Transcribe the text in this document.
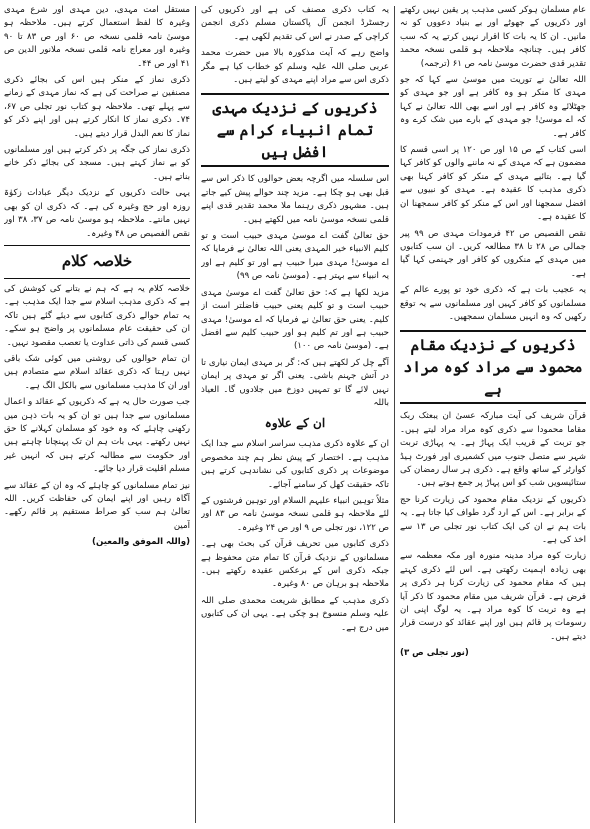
عام مسلمان ہوکر کسی مذہب پر یقین نہیں رکھتے اور ذکریوں کے جھوٹے اور بے بنیاد دعووں کو نہ مانیں۔ ان کا یہ بات کا اقرار نہیں کرتے یہ کہ سب کافر ہیں۔ چنانچہ ملاحظہ ہو قلمی نسخہ محمد تقدیر قدی حضرت موسیٰ نامہ ص ۶۱ (ترجمہ)

اللہ تعالیٰ نے توریت میں موسیٰ سے کہا کہ جو مہدی کا منکر ہو وہ کافر ہے اور جو مہدی کو جھٹلائے وہ کافر ہے اور اسے بھی اللہ تعالیٰ نے کہا کہ اے موسیٰ! جو مہدی کے بارے میں شک کرے وہ کافر ہے۔

اسی کتاب کے ص ۱۵ اور ص ۱۲۰ پر اسی قسم کا مضمون ہے کہ مہدی کے نہ ماننے والوں کو کافر کہا گیا ہے۔ بتائیے مہدی کے منکر کو کافر کہنا بھی ذکری مذہب کا عقیدہ ہے۔ مہدی کو نبیوں سے افضل سمجھنا اور اس کے منکر کو کافر سمجھنا ان کا عقیدہ ہے۔

نقص الفصیص ص ۴۲ فرمودات مہدی ص ۹۹ پیر جمالی ص ۲۸ تا ۳۸ مطالعہ کریں۔ ان سب کتابوں میں مہدی کے منکروں کو کافر اور جہنمی کہا گیا ہے۔

یہ عجیب بات ہے کہ ذکری خود تو پورے عالم کے مسلمانوں کو کافر کہیں اور مسلمانوں سے یہ توقع رکھیں کہ وہ انہیں مسلمان سمجھیں۔

ذکریوں کے نزدیک مقام محمود سے مراد کوہ مراد ہے

قرآن شریف کی آیت مبارکہ عسیٰ ان یبعثک ربک مقاما محمودا سے ذکری کوہ مراد مراد لیتے ہیں۔ جو تربت کے قریب ایک پہاڑ ہے۔ یہ پہاڑی تربت شہر سے متصل جنوب میں کشمیری اور فورٹ ہیڈ کوارٹر کے ساتھ واقع ہے۔ ذکری ہر سال رمضان کی ستائیسویں شب کو اس پہاڑ پر جمع ہوتے ہیں۔

ذکریوں کے نزدیک مقام محمود کی زیارت کرنا حج کے برابر ہے۔ اس کے ارد گرد طواف کیا جاتا ہے۔ یہ بات ہم نے ان کی ایک کتاب نور تجلی ص ۱۳ سے اخذ کی ہے۔

زیارت کوہ مراد مدینہ منورہ اور مکہ معظمہ سے بھی زیادہ اہمیت رکھتی ہے۔ اس لئے ذکری کہتے ہیں کہ مقام محمود کی زیارت کرنا ہر ذکری پر فرض ہے۔ قرآن شریف میں مقام محمود کا ذکر آیا ہے وہ تربت کا کوہ مراد ہے۔ یہ لوگ اپنی ان رسومات پر قائم ہیں اور اپنے عقائد کو درست قرار دیتے ہیں۔

(نور تجلی ص ۳)

یہ کتاب ذکری مصنف کی ہے اور ذکریوں کی رجسٹرڈ انجمن آل پاکستان مسلم ذکری انجمن کراچی کے صدر نے اس کی تقدیم لکھی ہے۔

واضح رہے کہ آیت مذکورہ بالا میں حضرت محمد عربی صلی اللہ علیہ وسلم کو خطاب کیا ہے مگر ذکری اس سے مراد اپنے مہدی کو لیتے ہیں۔

ذکریوں کے نزدیک مہدی تمام انبیاء کرام سے افضل ہیں

اس سلسلہ میں اگرچہ بعض حوالوں کا ذکر اس سے قبل بھی ہو چکا ہے۔ مزید چند حوالے پیش کیے جاتے ہیں۔ مشہور ذکری رہنما ملا محمد تقدیر قدی اپنے قلمی نسخہ موسیٰ نامہ میں لکھتے ہیں۔

حق تعالیٰ گفت اے موسیٰ مہدی حبیب است و تو کلیم الانبیاء خیر المہدی یعنی اللہ تعالیٰ نے فرمایا کہ اے موسیٰ! مہدی میرا حبیب ہے اور تو کلیم ہے اور یہ انبیاء سے بہتر ہے۔ (موسیٰ نامہ ص ۹۹)

مزید لکھا ہے کہ: حق تعالیٰ گفت اے موسیٰ مہدی حبیب است و تو کلیم یعنی حبیب فاضلتر است از کلیم۔ یعنی حق تعالیٰ نے فرمایا کہ اے موسیٰ! مہدی حبیب ہے اور تم کلیم ہو اور حبیب کلیم سے افضل ہے۔ (موسیٰ نامہ ص ۱۰۰)

آگے چل کر لکھتے ہیں کہ: گر بر مہدی ایمان نیاری تا در آتش جہنم باشی۔ یعنی اگر تو مہدی پر ایمان نہیں لائے گا تو تمہیں دوزخ میں جلادوں گا۔ العیاذ باللہ

ان کے علاوہ

ان کے علاوہ ذکری مذہب سراسر اسلام سے جدا ایک مذہب ہے۔ اختصار کے پیش نظر ہم چند مخصوص موضوعات پر ذکری کتابوں کی نشاندہی کرتے ہیں تاکہ حقیقت کھل کر سامنے آجائے۔

مثلاً توہین انبیاء علیہم السلام اور توہین فرشتوں کے لئے ملاحظہ ہو قلمی نسخہ موسیٰ نامہ ص ۸۳ اور ص ۱۲۲، نور تجلی ص ۹ اور ص ۲۴ وغیرہ۔

ذکری کتابوں میں تحریف قرآن کی بحث بھی ہے۔ مسلمانوں کے نزدیک قرآن کا تمام متن محفوظ ہے جبکہ ذکری اس کے برعکس عقیدہ رکھتے ہیں۔ ملاحظہ ہو برہان ص ۸۰ وغیرہ۔

ذکری مذہب کے مطابق شریعت محمدی صلی اللہ علیہ وسلم منسوخ ہو چکی ہے۔ یہی ان کی کتابوں میں درج ہے۔

مستقل امت مہدی، دین مہدی اور شرع مہدی وغیرہ کا لفظ استعمال کرتے ہیں۔ ملاحظہ ہو موسیٰ نامہ قلمی نسخہ ص ۶۰ اور ص ۸۳ تا ۹۰ وغیرہ اور معراج نامہ قلمی نسخہ ملانور الدین ص ۴۱ اور ص ۴۴۔

ذکری نماز کے منکر ہیں اس کی بجائے ذکری مصنفین نے صراحت کی ہے کہ نماز مہدی کے زمانے سے پہلے تھی۔ ملاحظہ ہو کتاب نور تجلی ص ۶۷، ۷۴۔ ذکری نماز کا انکار کرتے ہیں اور اپنے ذکر کو نماز کا نعم البدل قرار دیتے ہیں۔

ذکری نماز کی جگہ پر ذکر کرتے ہیں اور مسلمانوں کو بے نماز کہتے ہیں۔ مسجد کی بجائے ذکر خانے بناتے ہیں۔

یہی حالت ذکریوں کے نزدیک دیگر عبادات زکوٰۃ روزہ اور حج وغیرہ کی ہے۔ کہ ذکری ان کو بھی نہیں مانتے۔ ملاحظہ ہو موسیٰ نامہ ص ۳۷، ۳۸ اور نقص الفصیص ص ۴۸ وغیرہ۔

خلاصہ کلام

خلاصہ کلام یہ ہے کہ ہم نے بتانے کی کوشش کی ہے کہ ذکری مذہب اسلام سے جدا ایک مذہب ہے۔ یہ تمام حوالے ذکری کتابوں سے دیئے گئے ہیں تاکہ ان کی حقیقت عام مسلمانوں پر واضح ہو سکے۔ کسی قسم کی ذاتی عداوت یا تعصب مقصود نہیں۔

ان تمام حوالوں کی روشنی میں کوئی شک باقی نہیں رہتا کہ ذکری عقائد اسلام سے متصادم ہیں اور ان کا مذہب مسلمانوں سے بالکل الگ ہے۔

جب صورت حال یہ ہے کہ ذکریوں کے عقائد و اعمال مسلمانوں سے جدا ہیں تو ان کو یہ بات ذہن میں رکھنی چاہئے کہ وہ خود کو مسلمان کہلانے کا حق نہیں رکھتے۔ یہی بات ہم ان تک پہنچانا چاہتے ہیں اور حکومت سے مطالبہ کرتے ہیں کہ انہیں غیر مسلم اقلیت قرار دیا جائے۔

نیز تمام مسلمانوں کو چاہئے کہ وہ ان کے عقائد سے آگاہ رہیں اور اپنے ایمان کی حفاظت کریں۔ اللہ تعالیٰ ہم سب کو صراط مستقیم پر قائم رکھے۔ آمین

(واللہ الموفق والمعین)
